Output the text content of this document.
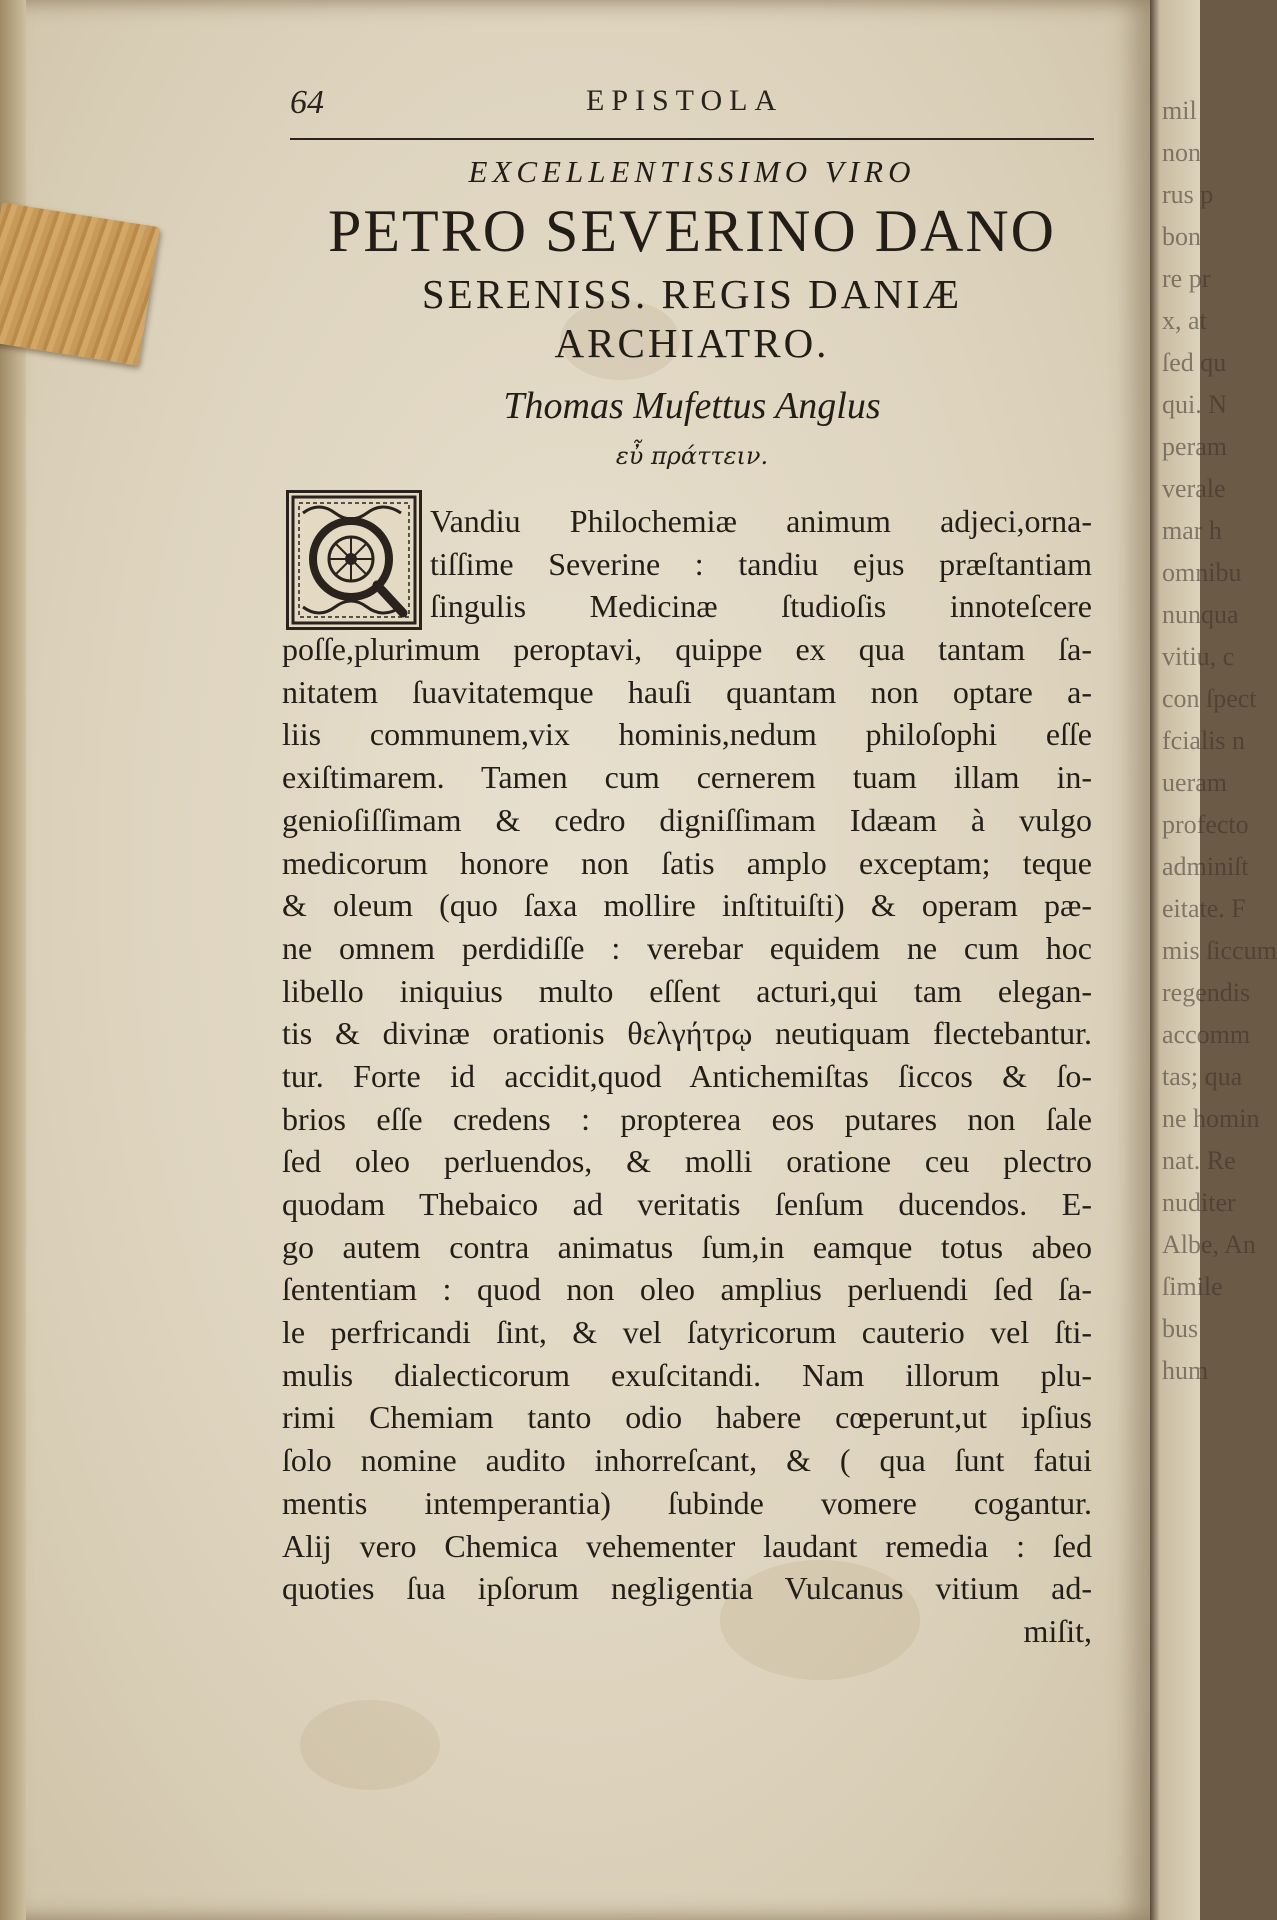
64	EPISTOLA
EXCELLENTISSIMO VIRO
PETRO SEVERINO DANO
SERENISS. REGIS DANIÆ
ARCHIATRO.
Thomas Mufettus Anglus
εὖ πράττειν.
Vandiu Philochemiæ animum adjeci,orna-
tiſſime Severine : tandiu ejus præſtantiam
ſingulis Medicinæ ſtudioſis innoteſcere
poſſe,plurimum peroptavi, quippe ex qua tantam ſa-
nitatem ſuavitatemque hauſi quantam non optare a-
liis communem,vix hominis,nedum philoſophi eſſe
exiſtimarem. Tamen cum cernerem tuam illam in-
genioſiſſimam & cedro digniſſimam Idæam à vulgo
medicorum honore non ſatis amplo exceptam; teque
& oleum (quo ſaxa mollire inſtituiſti) & operam pæ-
ne omnem perdidiſſe : verebar equidem ne cum hoc
libello iniquius multo eſſent acturi,qui tam elegan-
tis & divinæ orationis θελγήτρῳ neutiquam flectebantur.
tur. Forte id accidit,quod Antichemiſtas ſiccos & ſo-
brios eſſe credens : propterea eos putares non ſale
ſed oleo perluendos, & molli oratione ceu plectro
quodam Thebaico ad veritatis ſenſum ducendos. E-
go autem contra animatus ſum,in eamque totus abeo
ſententiam : quod non oleo amplius perluendi ſed ſa-
le perfricandi ſint, & vel ſatyricorum cauterio vel ſti-
mulis dialecticorum exuſcitandi. Nam illorum plu-
rimi Chemiam tanto odio habere cœperunt,ut ipſius
ſolo nomine audito inhorreſcant, & ( qua ſunt fatui
mentis intemperantia) ſubinde vomere cogantur.
Alij vero Chemica vehementer laudant remedia : ſed
quoties ſua ipſorum negligentia Vulcanus vitium ad-
miſit,
mil
non
rus p
bon
re pr
x, at
ſed qu
qui. N
peram
verale
mar h
omnibu
nunqua
vitiu, c
con ſpect
fcialis n
ueram
profecto
adminiſt
eitate. F
mis ſiccum
regendis
accomm
tas; qua
ne homin
nat. Re
nuditer
Albe, An
ſimile
bus
hum
